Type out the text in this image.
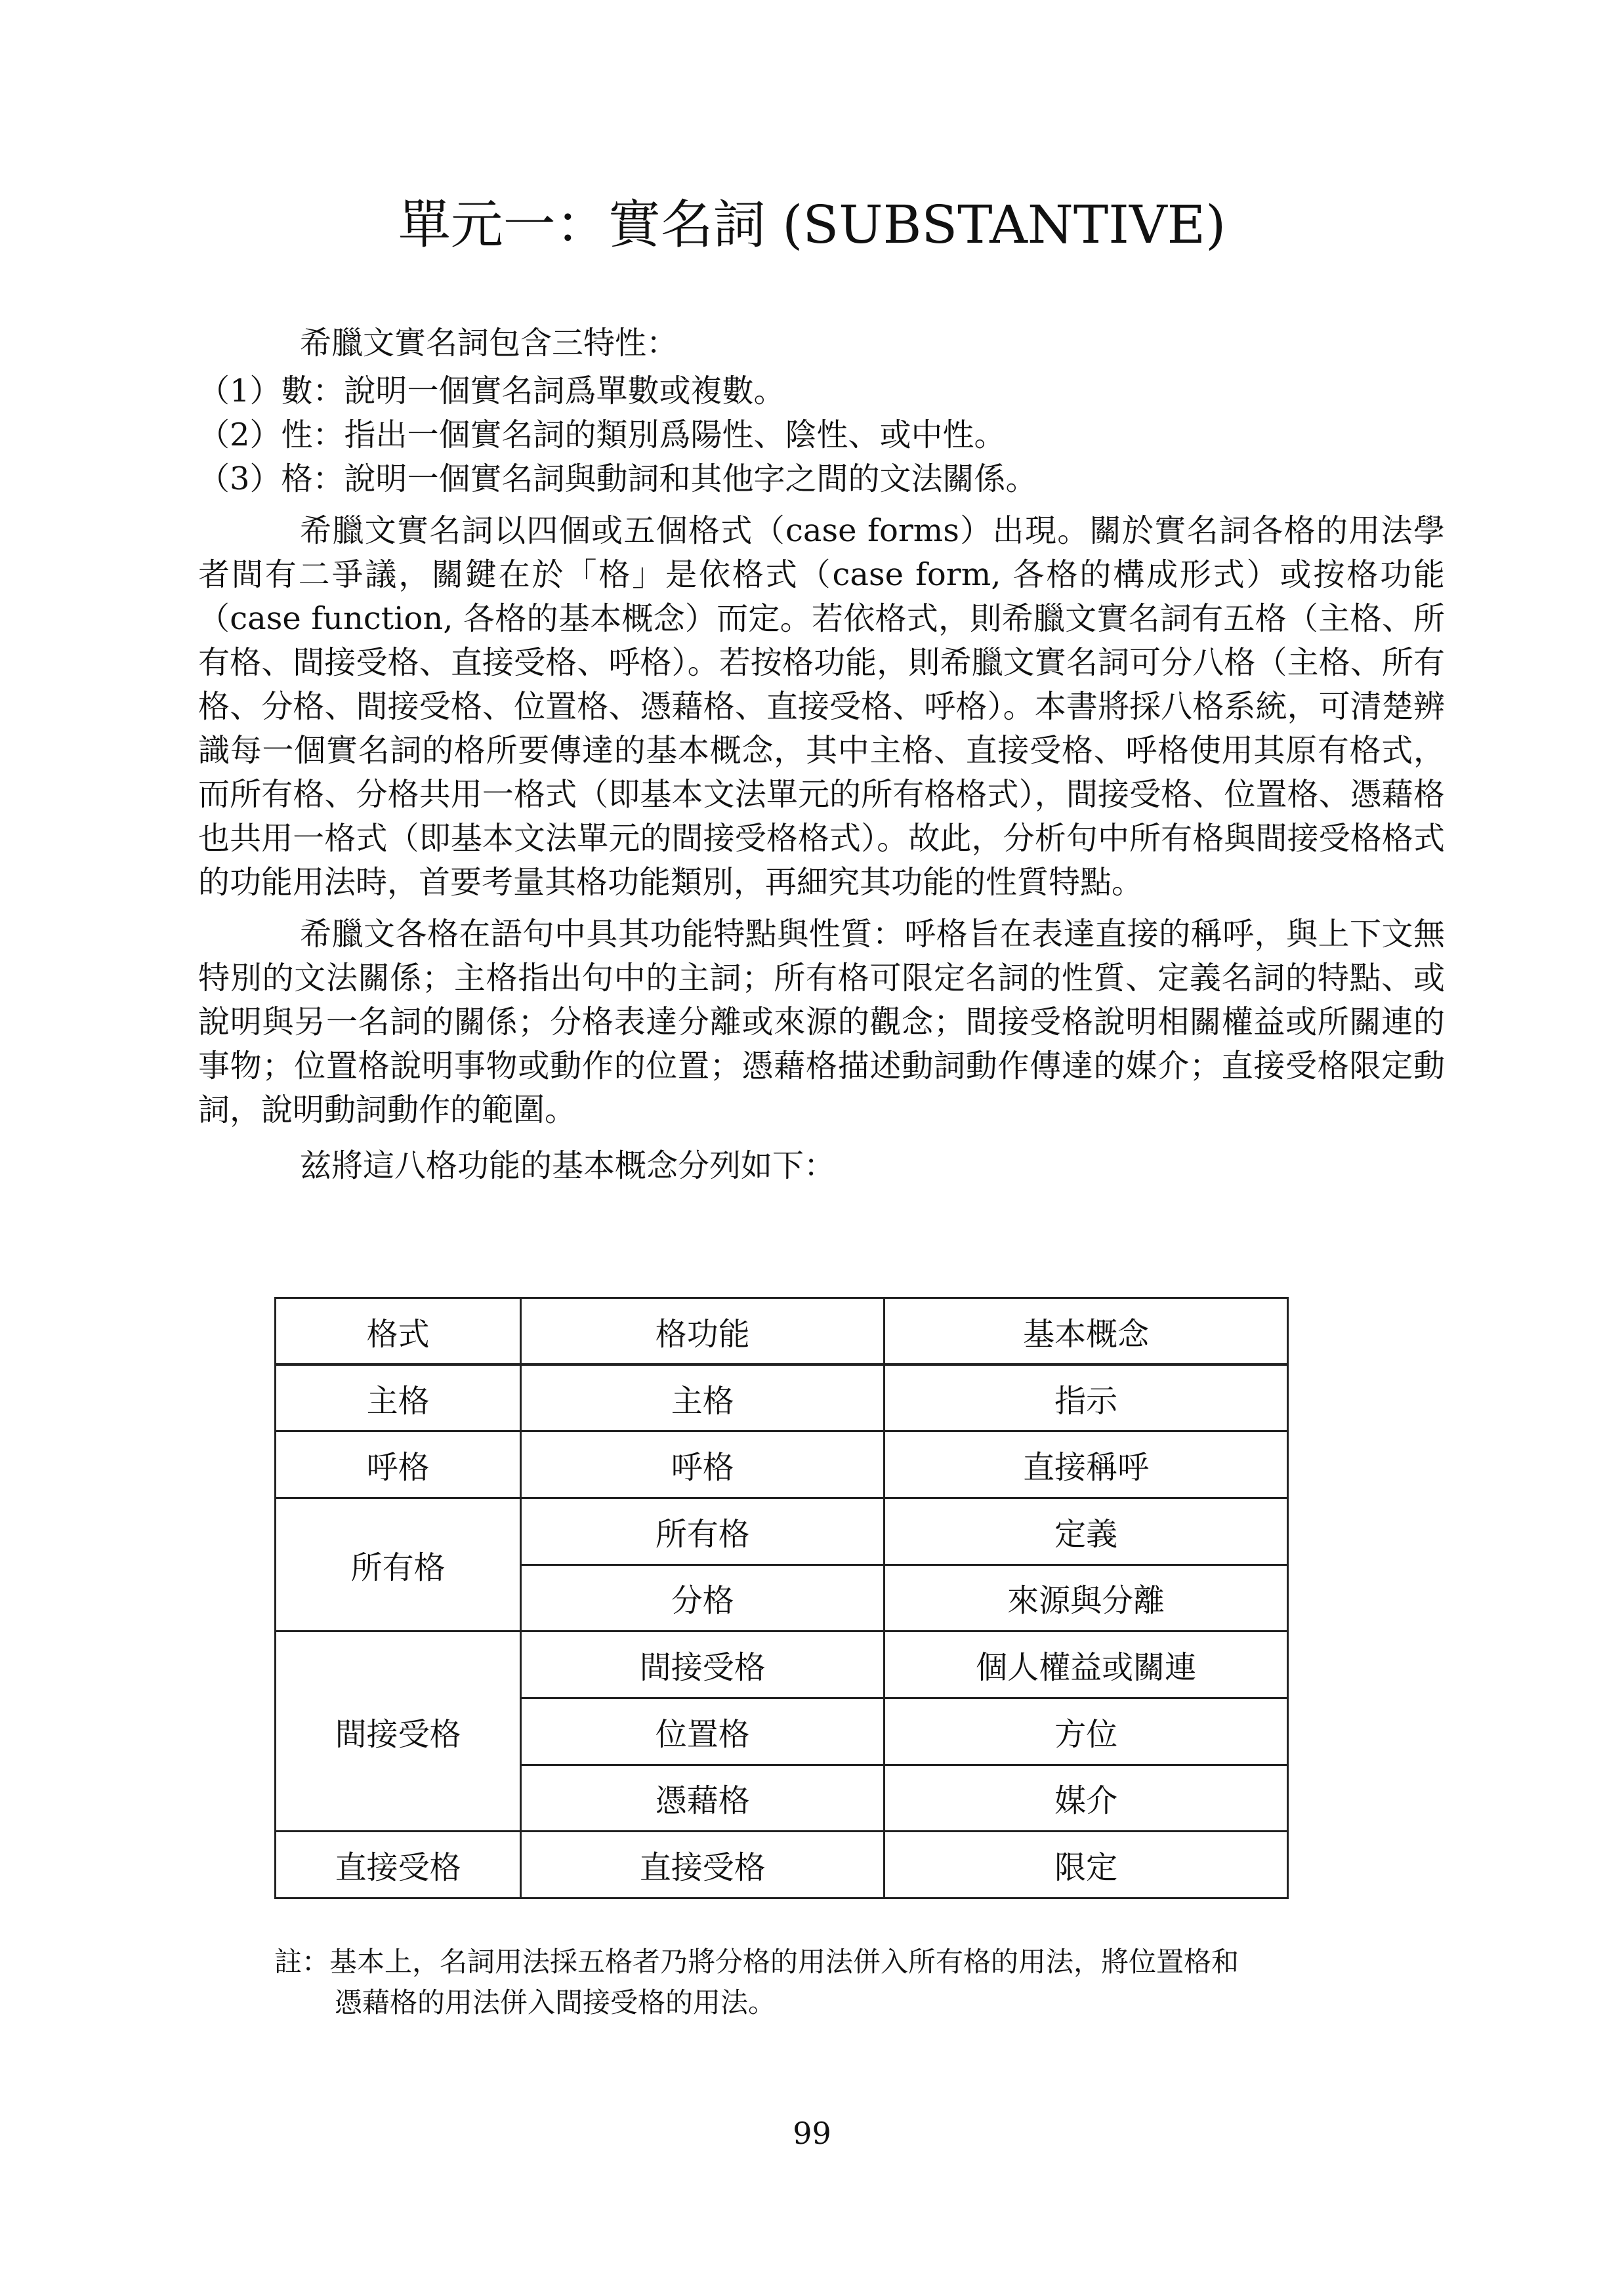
單元一：實名詞 (SUBSTANTIVE)

希臘文實名詞包含三特性：

（1）數：說明一個實名詞爲單數或複數。

（2）性：指出一個實名詞的類別爲陽性、陰性、或中性。

（3）格：說明一個實名詞與動詞和其他字之間的文法關係。

希臘文實名詞以四個或五個格式（case forms）出現。關於實名詞各格的用法學者間有二爭議，關鍵在於「格」是依格式（case form, 各格的構成形式）或按格功能（case function, 各格的基本概念）而定。若依格式，則希臘文實名詞有五格（主格、所有格、間接受格、直接受格、呼格）。若按格功能，則希臘文實名詞可分八格（主格、所有格、分格、間接受格、位置格、憑藉格、直接受格、呼格）。本書將採八格系統，可清楚辨識每一個實名詞的格所要傳達的基本概念，其中主格、直接受格、呼格使用其原有格式，而所有格、分格共用一格式（即基本文法單元的所有格格式），間接受格、位置格、憑藉格也共用一格式（即基本文法單元的間接受格格式）。故此，分析句中所有格與間接受格格式的功能用法時，首要考量其格功能類別，再細究其功能的性質特點。

希臘文各格在語句中具其功能特點與性質：呼格旨在表達直接的稱呼，與上下文無特別的文法關係；主格指出句中的主詞；所有格可限定名詞的性質、定義名詞的特點、或說明與另一名詞的關係；分格表達分離或來源的觀念；間接受格說明相關權益或所關連的事物；位置格說明事物或動作的位置；憑藉格描述動詞動作傳達的媒介；直接受格限定動詞，說明動詞動作的範圍。

兹將這八格功能的基本概念分列如下：

格式	格功能	基本概念
主格	主格	指示
呼格	呼格	直接稱呼
所有格	所有格	定義
	分格	來源與分離
間接受格	間接受格	個人權益或關連
	位置格	方位
	憑藉格	媒介
直接受格	直接受格	限定

註：基本上，名詞用法採五格者乃將分格的用法併入所有格的用法，將位置格和

憑藉格的用法併入間接受格的用法。

99
